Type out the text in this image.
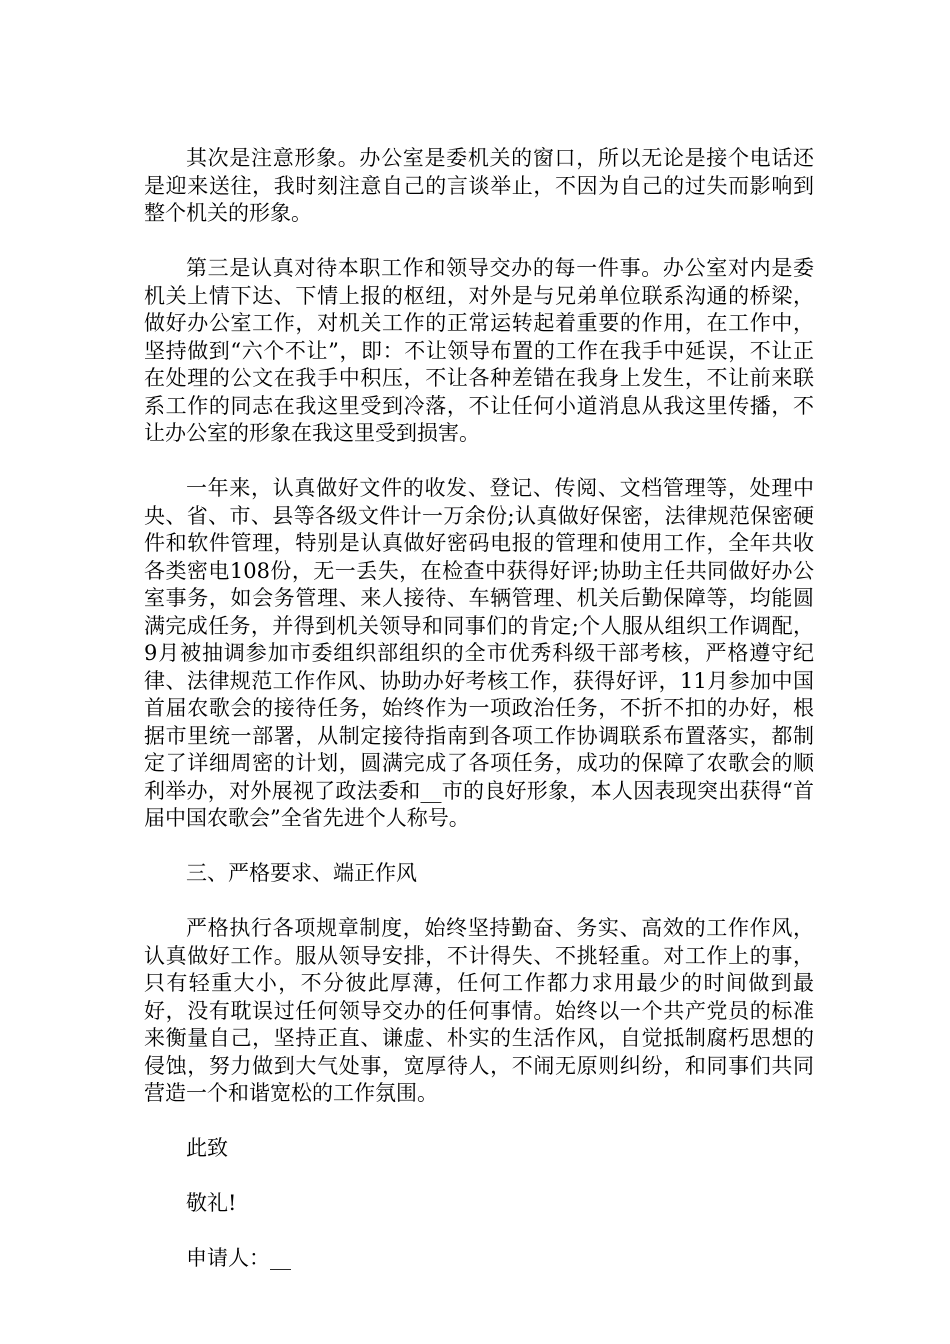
其次是注意形象。办公室是委机关的窗口，所以无论是接个电话还是迎来送往，我时刻注意自己的言谈举止，不因为自己的过失而影响到整个机关的形象。

第三是认真对待本职工作和领导交办的每一件事。办公室对内是委机关上情下达、下情上报的枢纽，对外是与兄弟单位联系沟通的桥梁，做好办公室工作，对机关工作的正常运转起着重要的作用，在工作中，坚持做到“六个不让”，即：不让领导布置的工作在我手中延误，不让正在处理的公文在我手中积压，不让各种差错在我身上发生，不让前来联系工作的同志在我这里受到冷落，不让任何小道消息从我这里传播，不让办公室的形象在我这里受到损害。

一年来，认真做好文件的收发、登记、传阅、文档管理等，处理中央、省、市、县等各级文件计一万余份;认真做好保密，法律规范保密硬件和软件管理，特别是认真做好密码电报的管理和使用工作，全年共收各类密电108份，无一丢失，在检查中获得好评;协助主任共同做好办公室事务，如会务管理、来人接待、车辆管理、机关后勤保障等，均能圆满完成任务，并得到机关领导和同事们的肯定;个人服从组织工作调配，9月被抽调参加市委组织部组织的全市优秀科级干部考核，严格遵守纪律、法律规范工作作风、协助办好考核工作，获得好评，11月参加中国首届农歌会的接待任务，始终作为一项政治任务，不折不扣的办好，根据市里统一部署，从制定接待指南到各项工作协调联系布置落实，都制定了详细周密的计划，圆满完成了各项任务，成功的保障了农歌会的顺利举办，对外展视了政法委和__市的良好形象，本人因表现突出获得“首届中国农歌会”全省先进个人称号。

三、严格要求、端正作风

严格执行各项规章制度，始终坚持勤奋、务实、高效的工作作风，认真做好工作。服从领导安排，不计得失、不挑轻重。对工作上的事，只有轻重大小，不分彼此厚薄，任何工作都力求用最少的时间做到最好，没有耽误过任何领导交办的任何事情。始终以一个共产党员的标准来衡量自己，坚持正直、谦虚、朴实的生活作风，自觉抵制腐朽思想的侵蚀，努力做到大气处事，宽厚待人，不闹无原则纠纷，和同事们共同营造一个和谐宽松的工作氛围。

此致

敬礼!

申请人：__
